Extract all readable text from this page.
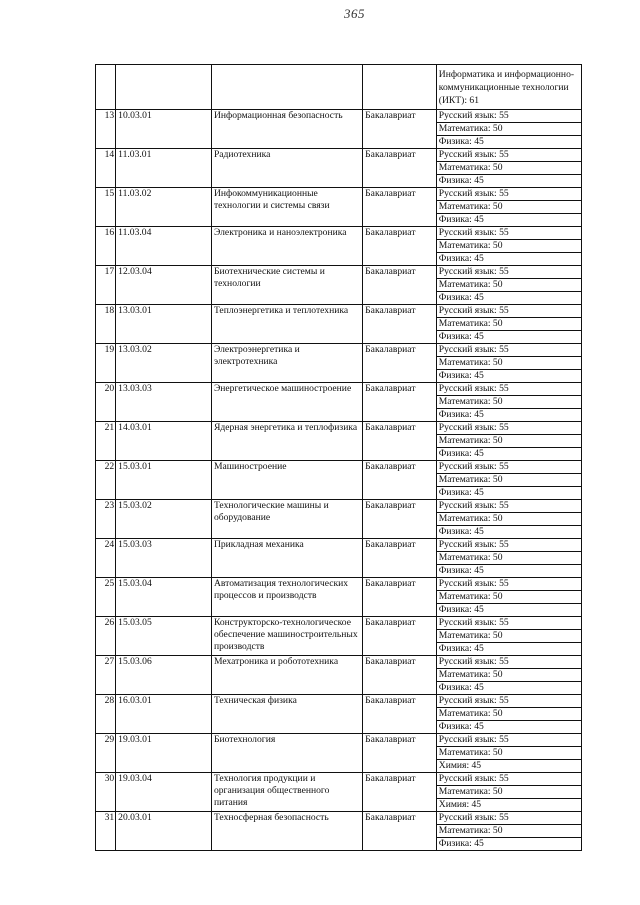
365
				Информатика и информационно-коммуникационные технологии (ИКТ): 61
13	10.03.01	Информационная безопасность	Бакалавриат	Русский язык: 55
				Математика: 50
				Физика: 45
14	11.03.01	Радиотехника	Бакалавриат	Русский язык: 55
				Математика: 50
				Физика: 45
15	11.03.02	Инфокоммуникационные технологии и системы связи	Бакалавриат	Русский язык: 55
				Математика: 50
				Физика: 45
16	11.03.04	Электроника и наноэлектроника	Бакалавриат	Русский язык: 55
				Математика: 50
				Физика: 45
17	12.03.04	Биотехнические системы и технологии	Бакалавриат	Русский язык: 55
				Математика: 50
				Физика: 45
18	13.03.01	Теплоэнергетика и теплотехника	Бакалавриат	Русский язык: 55
				Математика: 50
				Физика: 45
19	13.03.02	Электроэнергетика и электротехника	Бакалавриат	Русский язык: 55
				Математика: 50
				Физика: 45
20	13.03.03	Энергетическое машиностроение	Бакалавриат	Русский язык: 55
				Математика: 50
				Физика: 45
21	14.03.01	Ядерная энергетика и теплофизика	Бакалавриат	Русский язык: 55
				Математика: 50
				Физика: 45
22	15.03.01	Машиностроение	Бакалавриат	Русский язык: 55
				Математика: 50
				Физика: 45
23	15.03.02	Технологические машины и оборудование	Бакалавриат	Русский язык: 55
				Математика: 50
				Физика: 45
24	15.03.03	Прикладная механика	Бакалавриат	Русский язык: 55
				Математика: 50
				Физика: 45
25	15.03.04	Автоматизация технологических процессов и производств	Бакалавриат	Русский язык: 55
				Математика: 50
				Физика: 45
26	15.03.05	Конструкторско-технологическое обеспечение машиностроительных производств	Бакалавриат	Русский язык: 55
				Математика: 50
				Физика: 45
27	15.03.06	Мехатроника и робототехника	Бакалавриат	Русский язык: 55
				Математика: 50
				Физика: 45
28	16.03.01	Техническая физика	Бакалавриат	Русский язык: 55
				Математика: 50
				Физика: 45
29	19.03.01	Биотехнология	Бакалавриат	Русский язык: 55
				Математика: 50
				Химия: 45
30	19.03.04	Технология продукции и организация общественного питания	Бакалавриат	Русский язык: 55
				Математика: 50
				Химия: 45
31	20.03.01	Техносферная безопасность	Бакалавриат	Русский язык: 55
				Математика: 50
				Физика: 45
